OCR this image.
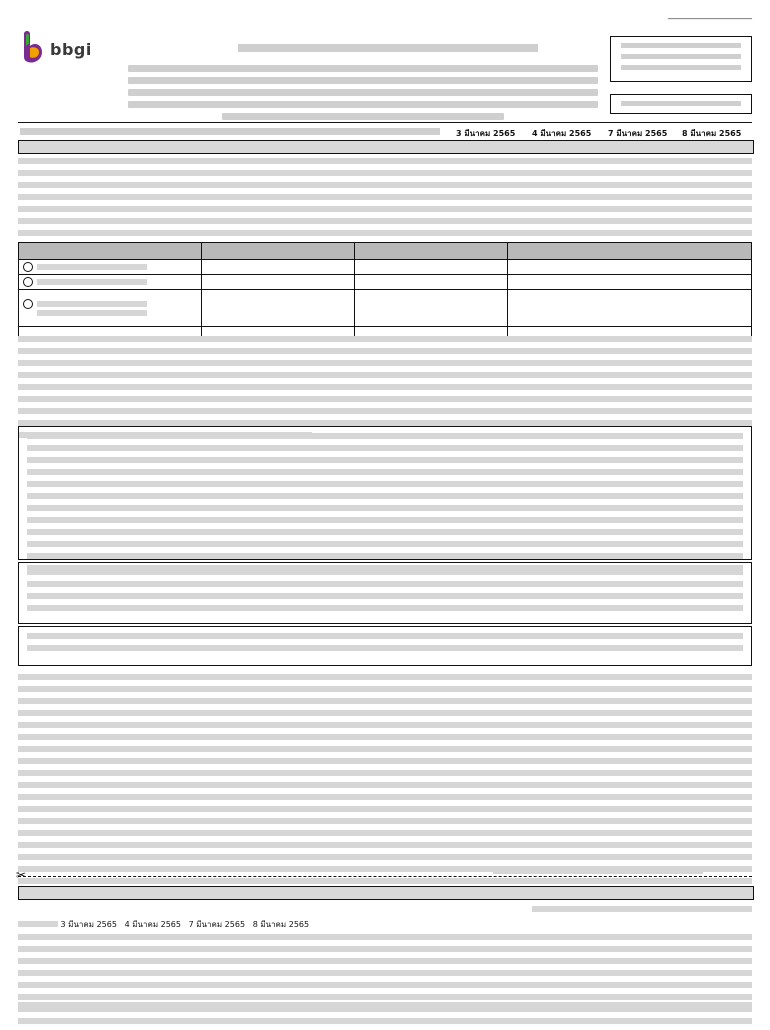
_____________________
bbgi
3 มีนาคม 2565 4 มีนาคม 2565 7 มีนาคม 2565 8 มีนาคม 2565

✂
3 มีนาคม 2565 4 มีนาคม 2565 7 มีนาคม 2565 8 มีนาคม 2565
